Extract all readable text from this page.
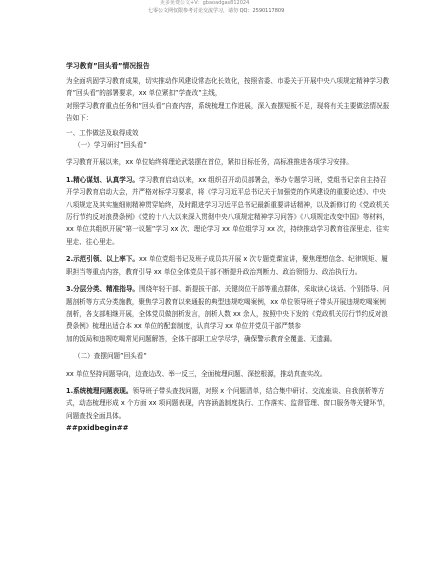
更多免费公文+V：gbaoadgas812024
七零公文网仅限参考讨论交流学习，请勿 QQ：2590117809

学习教育”回头看”情况报告

为全面巩固学习教育成果，切实推动作风建设常态化长效化，按照省委、市委关于开展中央八项规定精神学习教育”回头看”的部署要求，xx 单位紧扣”学查改”主线，

对照学习教育重点任务和”回头看”自查内容，系统梳理工作进展，深入查摆短板不足，现将有关主要做法情况报告如下：

一、工作做法及取得成效

（一）学习研讨”回头看”

学习教育开展以来，xx 单位始终将理论武装摆在首位，紧扣目标任务，高标准推进各项学习安排。

1.精心谋划、认真学习。学习教育启动以来，xx 组织召开动员部署会，举办专题学习班，党组书记亲自主持召开学习教育启动大会，并严格对标学习要求，将《学习习近平总书记关于加强党的作风建设的重要论述》、中央八项规定及其实施细则精神贯穿始终，及时跟进学习习近平总书记最新重要讲话精神，以及新修订的《党政机关厉行节约反对浪费条例》《党的十八大以来深入贯彻中央八项规定精神学习问答》《八项规定改变中国》等材料，xx 单位共组织开展”第一议题”学习 xx 次、理论学习 xx 单位组学习 xx 次，持续推动学习教育往深里走、往实里走、往心里走。

2.示范引领、以上率下。xx 单位党组书记及班子成员共开展 x 次专题党课宣讲，聚焦理想信念、纪律规矩、履职担当等重点内容，教育引导 xx 单位全体党员干部不断提升政治判断力、政治领悟力、政治执行力。

3.分层分类、精准指导。围绕年轻干部、新提拔干部、关键岗位干部等重点群体，采取读心谈话、个别指导、问题剖析等方式分类施教，聚焦学习教育以来通报的典型违规吃喝案例，xx 单位领导班子带头开展违规吃喝案例剖析，各支部相继开展，全体党员做剖析发言，剖析人数 xx 余人，按照中央下发的《党政机关厉行节约反对浪费条例》梳理出适合本 xx 单位的配套制度，认真学习 xx 单位并党员干部严禁参

加的饭局和违规吃喝常见问题解答，全体干部职工应学尽学，确保警示教育全覆盖、无遗漏。

（二）查摆问题”回头看”

xx 单位坚持问题导向，边查边改、举一反三，全面梳理问题、深挖根源，推动真查实改。

1.系统梳理问题表现。领导班子带头查找问题，对照 x 个问题清单，结合集中研讨、交流座谈、自我剖析等方式，动态梳理形成 x 个方面 xx 项问题表现，内容涵盖制度执行、工作落实、监督管理、窗口服务等关键环节，问题查找全面具体。

##pxidbegin##
